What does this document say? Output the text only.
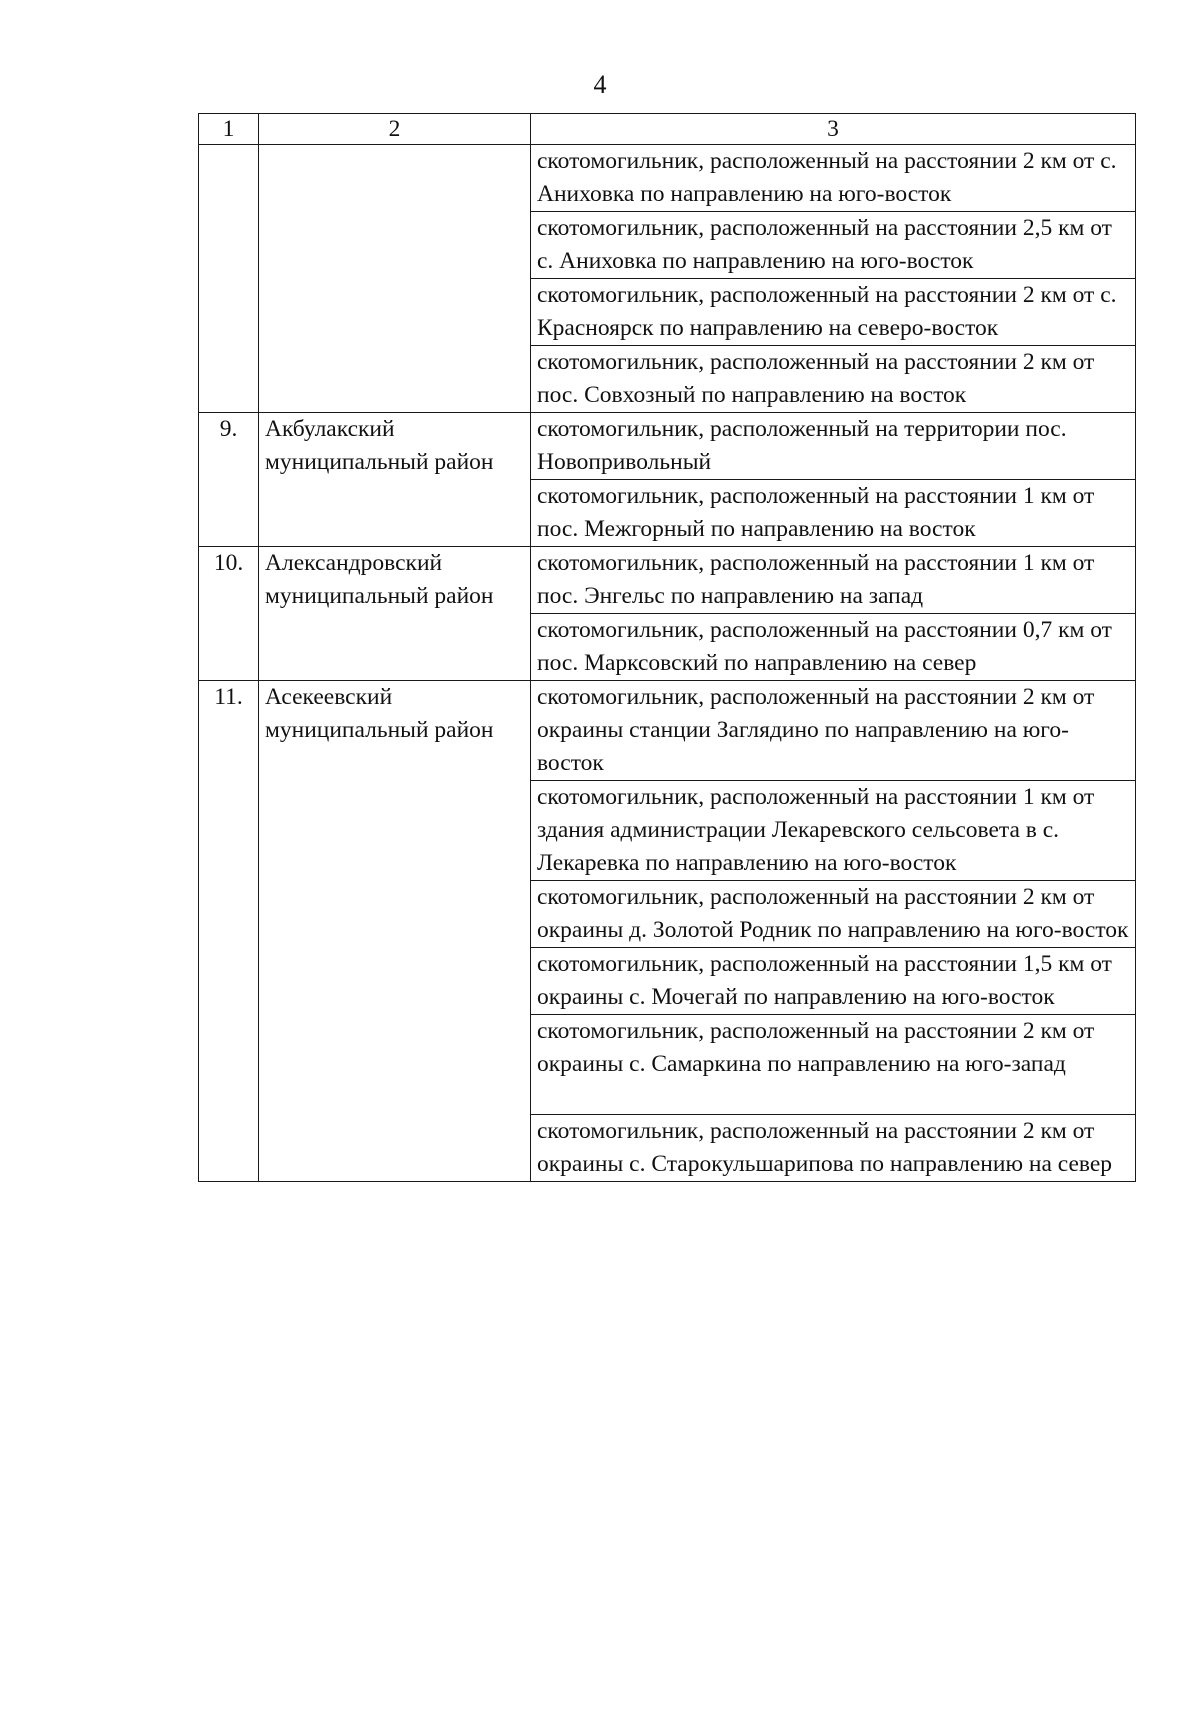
4
1	2	3

		скотомогильник, расположенный на расстоянии 2 км от с. Аниховка по направлению на юго-восток

		скотомогильник, расположенный на расстоянии 2,5 км от с. Аниховка по направлению на юго-восток

		скотомогильник, расположенный на расстоянии 2 км от с. Красноярск по направлению на северо-восток

		скотомогильник, расположенный на расстоянии 2 км от пос. Совхозный по направлению на восток

9.	Акбулакский муниципальный район	скотомогильник, расположенный на территории пос. Новопривольный

		скотомогильник, расположенный на расстоянии 1 км от пос. Межгорный по направлению на восток

10.	Александровский муниципальный район	скотомогильник, расположенный на расстоянии 1 км от пос. Энгельс по направлению на запад

		скотомогильник, расположенный на расстоянии 0,7 км от пос. Марксовский по направлению на север

11.	Асекеевский муниципальный район	скотомогильник, расположенный на расстоянии 2 км от окраины станции Заглядино по направлению на юго-восток

		скотомогильник, расположенный на расстоянии 1 км от здания администрации Лекаревского сельсовета в с. Лекаревка по направлению на юго-восток

		скотомогильник, расположенный на расстоянии 2 км от окраины д. Золотой Родник по направлению на юго-восток

		скотомогильник, расположенный на расстоянии 1,5 км от окраины с. Мочегай по направлению на юго-восток

		скотомогильник, расположенный на расстоянии 2 км от окраины с. Самаркина по направлению на юго-запад

		скотомогильник, расположенный на расстоянии 2 км от окраины с. Старокульшарипова по направлению на север
